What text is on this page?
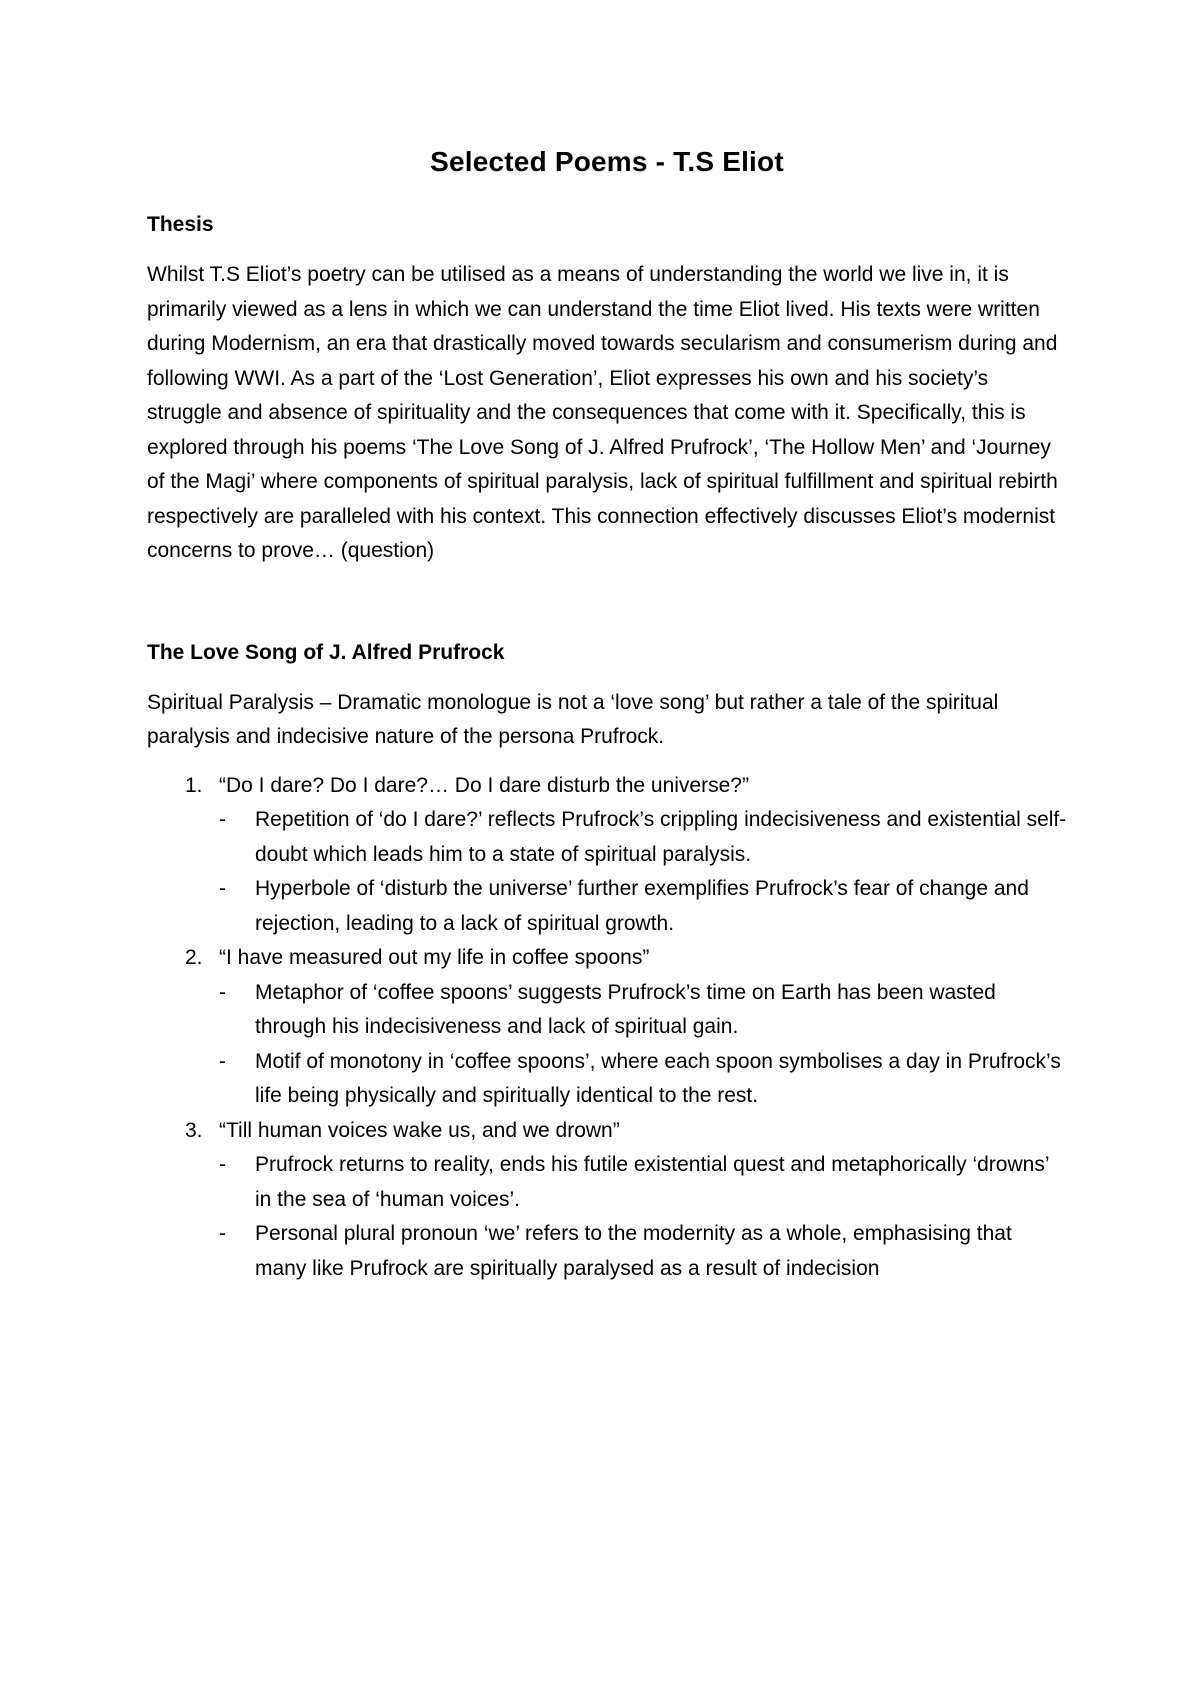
Selected Poems - T.S Eliot
Thesis

Whilst T.S Eliot’s poetry can be utilised as a means of understanding the world we live in, it is primarily viewed as a lens in which we can understand the time Eliot lived. His texts were written during Modernism, an era that drastically moved towards secularism and consumerism during and following WWI. As a part of the ‘Lost Generation’, Eliot expresses his own and his society’s struggle and absence of spirituality and the consequences that come with it. Specifically, this is explored through his poems ‘The Love Song of J. Alfred Prufrock’, ‘The Hollow Men’ and ‘Journey of the Magi’ where components of spiritual paralysis, lack of spiritual fulfillment and spiritual rebirth respectively are paralleled with his context. This connection effectively discusses Eliot’s modernist concerns to prove… (question)

The Love Song of J. Alfred Prufrock

Spiritual Paralysis – Dramatic monologue is not a ‘love song’ but rather a tale of the spiritual paralysis and indecisive nature of the persona Prufrock.

1. “Do I dare? Do I dare?… Do I dare disturb the universe?”
- Repetition of ‘do I dare?’ reflects Prufrock’s crippling indecisiveness and existential self-doubt which leads him to a state of spiritual paralysis.
- Hyperbole of ‘disturb the universe’ further exemplifies Prufrock’s fear of change and rejection, leading to a lack of spiritual growth.
2. “I have measured out my life in coffee spoons”
- Metaphor of ‘coffee spoons’ suggests Prufrock’s time on Earth has been wasted through his indecisiveness and lack of spiritual gain.
- Motif of monotony in ‘coffee spoons’, where each spoon symbolises a day in Prufrock’s life being physically and spiritually identical to the rest.
3. “Till human voices wake us, and we drown”
- Prufrock returns to reality, ends his futile existential quest and metaphorically ‘drowns’ in the sea of ‘human voices’.
- Personal plural pronoun ‘we’ refers to the modernity as a whole, emphasising that many like Prufrock are spiritually paralysed as a result of indecision
